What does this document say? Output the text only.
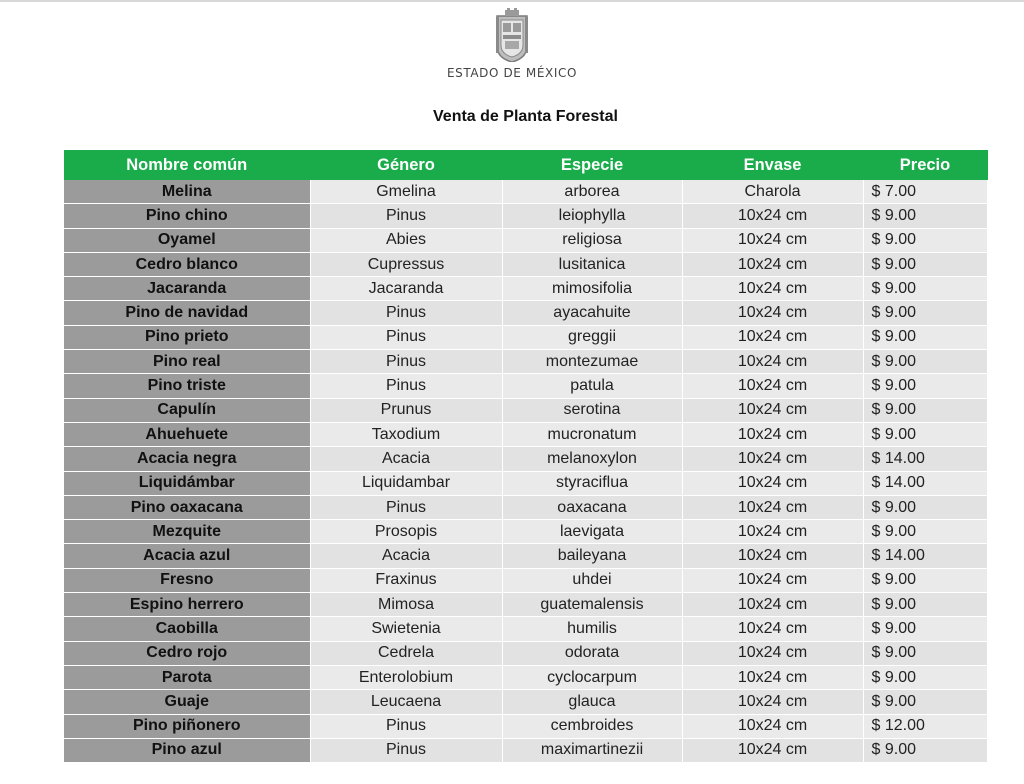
ESTADO DE MÉXICO
Venta de Planta Forestal
Nombre común	Género	Especie	Envase	Precio
Melina	Gmelina	arborea	Charola	$ 7.00
Pino chino	Pinus	leiophylla	10x24 cm	$ 9.00
Oyamel	Abies	religiosa	10x24 cm	$ 9.00
Cedro blanco	Cupressus	lusitanica	10x24 cm	$ 9.00
Jacaranda	Jacaranda	mimosifolia	10x24 cm	$ 9.00
Pino de navidad	Pinus	ayacahuite	10x24 cm	$ 9.00
Pino prieto	Pinus	greggii	10x24 cm	$ 9.00
Pino real	Pinus	montezumae	10x24 cm	$ 9.00
Pino triste	Pinus	patula	10x24 cm	$ 9.00
Capulín	Prunus	serotina	10x24 cm	$ 9.00
Ahuehuete	Taxodium	mucronatum	10x24 cm	$ 9.00
Acacia negra	Acacia	melanoxylon	10x24 cm	$ 14.00
Liquidámbar	Liquidambar	styraciflua	10x24 cm	$ 14.00
Pino oaxacana	Pinus	oaxacana	10x24 cm	$ 9.00
Mezquite	Prosopis	laevigata	10x24 cm	$ 9.00
Acacia azul	Acacia	baileyana	10x24 cm	$ 14.00
Fresno	Fraxinus	uhdei	10x24 cm	$ 9.00
Espino herrero	Mimosa	guatemalensis	10x24 cm	$ 9.00
Caobilla	Swietenia	humilis	10x24 cm	$ 9.00
Cedro rojo	Cedrela	odorata	10x24 cm	$ 9.00
Parota	Enterolobium	cyclocarpum	10x24 cm	$ 9.00
Guaje	Leucaena	glauca	10x24 cm	$ 9.00
Pino piñonero	Pinus	cembroides	10x24 cm	$ 12.00
Pino azul	Pinus	maximartinezii	10x24 cm	$ 9.00
